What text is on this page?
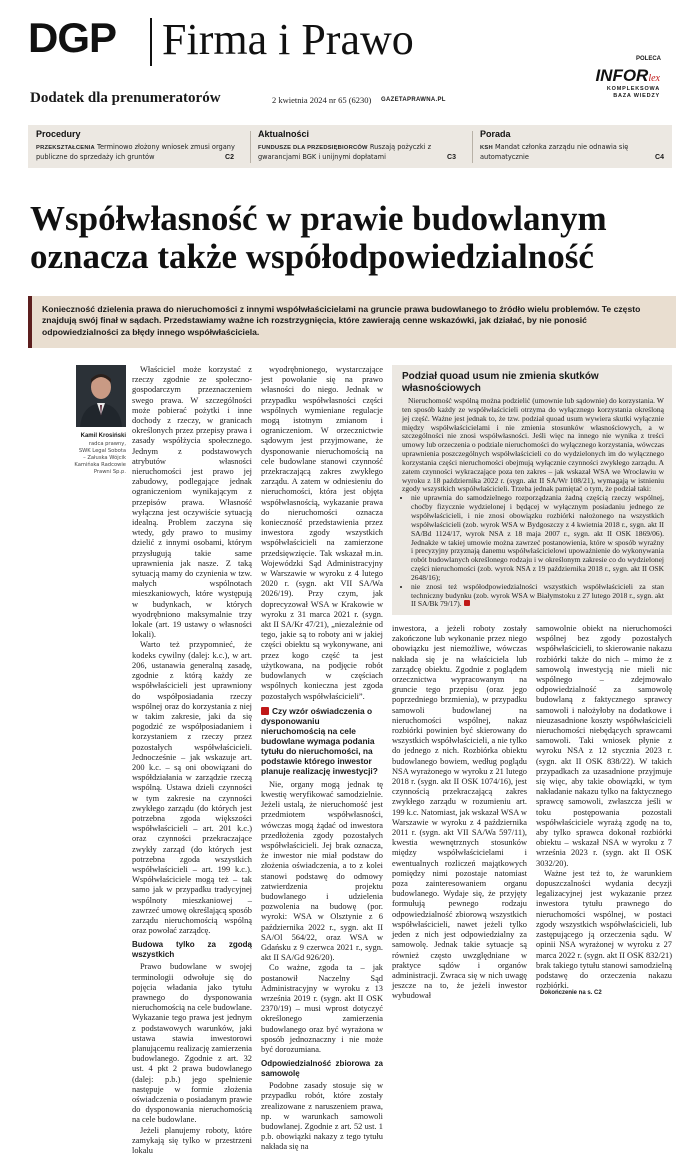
DGP Firma i Prawo
Dodatek dla prenumeratorów	2 kwietnia 2024 nr 65 (6230) GAZETAPRAWNA.PL
POLECA
INFORlex
KOMPLEKSOWA
BAZA WIEDZY
Procedury
PRZEKSZTAŁCENIA Terminowo złożony wniosek zmusi organy publiczne do sprzedaży ich gruntów	C2
Aktualności
FUNDUSZE DLA PRZEDSIĘBIORCÓW Ruszają pożyczki z gwarancjami BGK i unijnymi dopłatami	C3
Porada
KSH Mandat członka zarządu nie odnawia się automatycznie	C4
Współwłasność w prawie budowlanym
oznacza także współodpowiedzialność

Konieczność dzielenia prawa do nieruchomości z innymi współwłaścicielami na gruncie prawa budowlanego to źródło wielu problemów. Te często znajdują swój finał w sądach. Przedstawiamy ważne ich rozstrzygnięcia, które zawierają cenne wskazówki, jak działać, by nie ponosić odpowiedzialności za błędy innego współwłaściciela.

Kamil Krosiński
radca prawny,
SWK Legal Sobota
– Załuska Wójcik
Kamińska Radcowie Prawni Sp.p.

Właściciel może korzystać z rzeczy zgodnie ze społeczno-gospodarczym przeznaczeniem swego prawa. W szczególności może pobierać pożytki i inne dochody z rzeczy, w granicach określonych przez przepisy prawa i zasady współżycia społecznego. Jednym z podstawowych atrybutów własności nieruchomości jest prawo jej zabudowy, podlegające jednak ograniczeniom wynikającym z przepisów prawa. Własność wyłączna jest oczywiście sytuacją idealną. Problem zaczyna się wtedy, gdy prawo to musimy dzielić z innymi osobami, którym przysługują takie same uprawnienia jak nasze. Z taką sytuacją mamy do czynienia w tzw. małych wspólnotach mieszkaniowych, które występują w budynkach, w których wyodrębniono maksymalnie trzy lokale (art. 19 ustawy o własności lokali).

Warto też przypomnieć, że kodeks cywilny (dalej: k.c.), w art. 206, ustanawia generalną zasadę, zgodnie z którą każdy ze współwłaścicieli jest uprawniony do współposiadania rzeczy wspólnej oraz do korzystania z niej w takim zakresie, jaki da się pogodzić ze współposiadaniem i korzystaniem z rzeczy przez pozostałych współwłaścicieli. Jednocześnie – jak wskazuje art. 200 k.c. – są oni obowiązani do współdziałania w zarządzie rzeczą wspólną. Ustawa dzieli czynności w tym zakresie na czynności zwykłego zarządu (do których jest potrzebna zgoda większości współwłaścicieli – art. 201 k.c.) oraz czynności przekraczające zwykły zarząd (do których jest potrzebna zgoda wszystkich współwłaścicieli – art. 199 k.c.). Współwłaściciele mogą też – tak samo jak w przypadku tradycyjnej wspólnoty mieszkaniowej – zawrzeć umowę określającą sposób zarządu nieruchomością wspólną oraz powołać zarządcę.

Budowa tylko za zgodą wszystkich

Prawo budowlane w swojej terminologii odwołuje się do pojęcia władania jako tytułu prawnego do dysponowania nieruchomością na cele budowlane. Wykazanie tego prawa jest jednym z podstawowych warunków, jaki ustawa stawia inwestorowi planującemu realizację zamierzenia budowlanego. Zgodnie z art. 32 ust. 4 pkt 2 prawa budowlanego (dalej: p.b.) jego spełnienie następuje w formie złożenia oświadczenia o posiadanym prawie do dysponowania nieruchomością na cele budowlane.

Jeżeli planujemy roboty, które zamykają się tylko w przestrzeni lokalu

wyodrębnionego, wystarczające jest powołanie się na prawo własności do niego. Jednak w przypadku współwłasności części wspólnych wymieniane regulacje mogą istotnym zmianom i ograniczeniom. W orzecznictwie sądowym jest przyjmowane, że dysponowanie nieruchomością na cele budowlane stanowi czynność przekraczającą zakres zwykłego zarządu. A zatem w odniesieniu do nieruchomości, która jest objęta współwłasnością, wykazanie prawa do nieruchomości oznacza konieczność przedstawienia przez inwestora zgody wszystkich współwłaścicieli na zamierzone przedsięwzięcie. Tak wskazał m.in. Wojewódzki Sąd Administracyjny w Warszawie w wyroku z 4 lutego 2020 r. (sygn. akt VII SA/Wa 2026/19). Przy czym, jak doprecyzował WSA w Krakowie w wyroku z 31 marca 2021 r. (sygn. akt II SA/Kr 47/21), „niezależnie od tego, jakie są to roboty ani w jakiej części obiektu są wykonywane, ani przez kogo część ta jest użytkowana, na podjęcie robót budowlanych w częściach wspólnych konieczna jest zgoda pozostałych współwłaścicieli”.

Czy wzór oświadczenia o dysponowaniu nieruchomością na cele budowlane wymaga podania tytułu do nieruchomości, na podstawie którego inwestor planuje realizację inwestycji?

Nie, organy mogą jednak tę kwestię weryfikować samodzielnie. Jeżeli ustalą, że nieruchomość jest przedmiotem współwłasności, wówczas mogą żądać od inwestora przedłożenia zgody pozostałych współwłaścicieli. Jej brak oznacza, że inwestor nie miał podstaw do złożenia oświadczenia, a to z kolei stanowi podstawę do odmowy zatwierdzenia projektu budowlanego i udzielenia pozwolenia na budowę (por. wyroki: WSA w Olsztynie z 6 października 2022 r., sygn. akt II SA/Ol 564/22, oraz WSA w Gdańsku z 9 czerwca 2021 r., sygn. akt II SA/Gd 926/20).

Co ważne, zgoda ta – jak postanowił Naczelny Sąd Administracyjny w wyroku z 13 września 2019 r. (sygn. akt II OSK 2370/19) – musi wprost dotyczyć określonego zamierzenia budowlanego oraz być wyrażona w sposób jednoznaczny i nie może być dorozumiana.

Odpowiedzialność zbiorowa za samowolę

Podobne zasady stosuje się w przypadku robót, które zostały zrealizowane z naruszeniem prawa, np. w warunkach samowoli budowlanej. Zgodnie z art. 52 ust. 1 p.b. obowiązki nakazy z tego tytułu nakłada się na

Podział quoad usum nie zmienia skutków własnościowych

Nieruchomość wspólną można podzielić (umownie lub sądownie) do korzystania. W ten sposób każdy ze współwłaścicieli otrzyma do wyłącznego korzystania określoną jej część. Ważne jest jednak to, że tzw. podział quoad usum wywiera skutki wyłącznie między współwłaścicielami i nie zmienia stosunków własnościowych, a w szczególności nie znosi współwłasności. Jeśli więc na innego nie wynika z treści umowy lub orzeczenia o podziale nieruchomości do wyłącznego korzystania, wówczas uprawnienia poszczególnych współwłaścicieli co do wydzielonych im do wyłącznego korzystania części nieruchomości obejmują wyłącznie czynności zwykłego zarządu. A zatem czynności wykraczające poza ten zakres – jak wskazał WSA we Wrocławiu w wyroku z 18 października 2022 r. (sygn. akt II SA/Wr 108/21), wymagają w istnieniu zgody wszystkich współwłaścicieli. Trzeba jednak pamiętać o tym, że podział taki:

• nie uprawnia do samodzielnego rozporządzania żadną częścią rzeczy wspólnej, choćby fizycznie wydzielonej i będącej w wyłącznym posiadaniu jednego ze współwłaścicieli, i nie znosi obowiązku rozbiórki nałożonego na wszystkich współwłaścicieli (zob. wyrok WSA w Bydgoszczy z 4 kwietnia 2018 r., sygn. akt II SA/Bd 1124/17, wyrok NSA z 18 maja 2007 r., sygn. akt II OSK 1869/06). Jednakże w takiej umowie można zawrzeć postanowienia, które w sposób wyraźny i precyzyjny przyznają danemu współwłaścicielowi upoważnienie do wykonywania robót budowlanych określonego rodzaju i w określonym zakresie co do wydzielonej części nieruchomości (zob. wyrok NSA z 19 października 2018 r., sygn. akt II OSK 2648/16);
• nie znosi też współodpowiedzialności wszystkich współwłaścicieli za stan techniczny budynku (zob. wyrok WSA w Białymstoku z 27 lutego 2018 r., sygn. akt II SA/Bk 79/17).

inwestora, a jeżeli roboty zostały zakończone lub wykonanie przez niego obowiązku jest niemożliwe, wówczas nakłada się je na właściciela lub zarządcę obiektu. Zgodnie z poglądem orzecznictwa wypracowanym na gruncie tego przepisu (oraz jego poprzedniego brzmienia), w przypadku samowoli budowlanej na nieruchomości wspólnej, nakaz rozbiórki powinien być skierowany do wszystkich współwłaścicieli, a nie tylko do jednego z nich. Rozbiórka obiektu budowlanego bowiem, według poglądu NSA wyrażonego w wyroku z 21 lutego 2018 r. (sygn. akt II OSK 1074/16), jest czynnością przekraczającą zakres zwykłego zarządu w rozumieniu art. 199 k.c. Natomiast, jak wskazał WSA w Warszawie w wyroku z 4 października 2011 r. (sygn. akt VII SA/Wa 597/11), kwestia wewnętrznych stosunków między współwłaścicielami i ewentualnych rozliczeń majątkowych pomiędzy nimi pozostaje natomiast poza zainteresowaniem organu budowlanego. Wydaje się, że przyjęty formułują pewnego rodzaju odpowiedzialność zbiorową wszystkich współwłaścicieli, nawet jeżeli tylko jeden z nich jest odpowiedzialny za samowolę. Jednak takie sytuacje są również często uwzględniane w praktyce sądów i organów administracji. Zwraca się w nich uwagę jeszcze na to, że jeżeli inwestor wybudował

samowolnie obiekt na nieruchomości wspólnej bez zgody pozostałych współwłaścicieli, to skierowanie nakazu rozbiórki także do nich – mimo że z samowolą inwestycją nie mieli nic wspólnego – zdejmowało odpowiedzialność za samowolę budowlaną z faktycznego sprawcy samowoli i nałożyłoby na dodatkowe i nieuzasadnione koszty współwłaścicieli nieruchomości niebędących sprawcami samowoli. Taki wniosek płynie z wyroku NSA z 12 stycznia 2023 r. (sygn. akt II OSK 838/22). W takich przypadkach za uzasadnione przyjmuje się więc, aby takie obowiązki, w tym nakładanie nakazu tylko na faktycznego sprawcę samowoli, zwłaszcza jeśli w toku postępowania pozostali współwłaściciele wyrażą zgodę na to, aby tylko sprawca dokonał rozbiórki obiektu – wskazał NSA w wyroku z 7 września 2023 r. (sygn. akt II OSK 3032/20).

Ważne jest też to, że warunkiem dopuszczalności wydania decyzji legalizacyjnej jest wykazanie przez inwestora tytułu prawnego do nieruchomości wspólnej, w postaci zgody wszystkich współwłaścicieli, lub zastępującego ją orzeczenia sądu. W opinii NSA wyrażonej w wyroku z 27 marca 2022 r. (sygn. akt II OSK 832/21) brak takiego tytułu stanowi samodzielną podstawę do orzeczenia nakazu rozbiórki.

Dokończenie na s. C2
